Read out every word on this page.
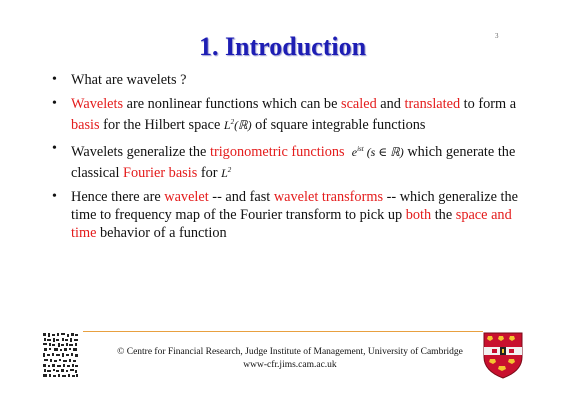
3
1. Introduction
• What are wavelets ?
• Wavelets are nonlinear functions which can be scaled and translated to form a basis for the Hilbert space $L^2(ℝ)$ of square integrable functions
• Wavelets generalize the trigonometric functions $e^{ist}$ (s ∈ ℝ) which generate the classical Fourier basis for $L^2$
• Hence there are wavelet -- and fast wavelet transforms -- which generalize the time to frequency map of the Fourier transform to pick up both the space and time behavior of a function
© Centre for Financial Research, Judge Institute of Management, University of Cambridge
www-cfr.jims.cam.ac.uk
